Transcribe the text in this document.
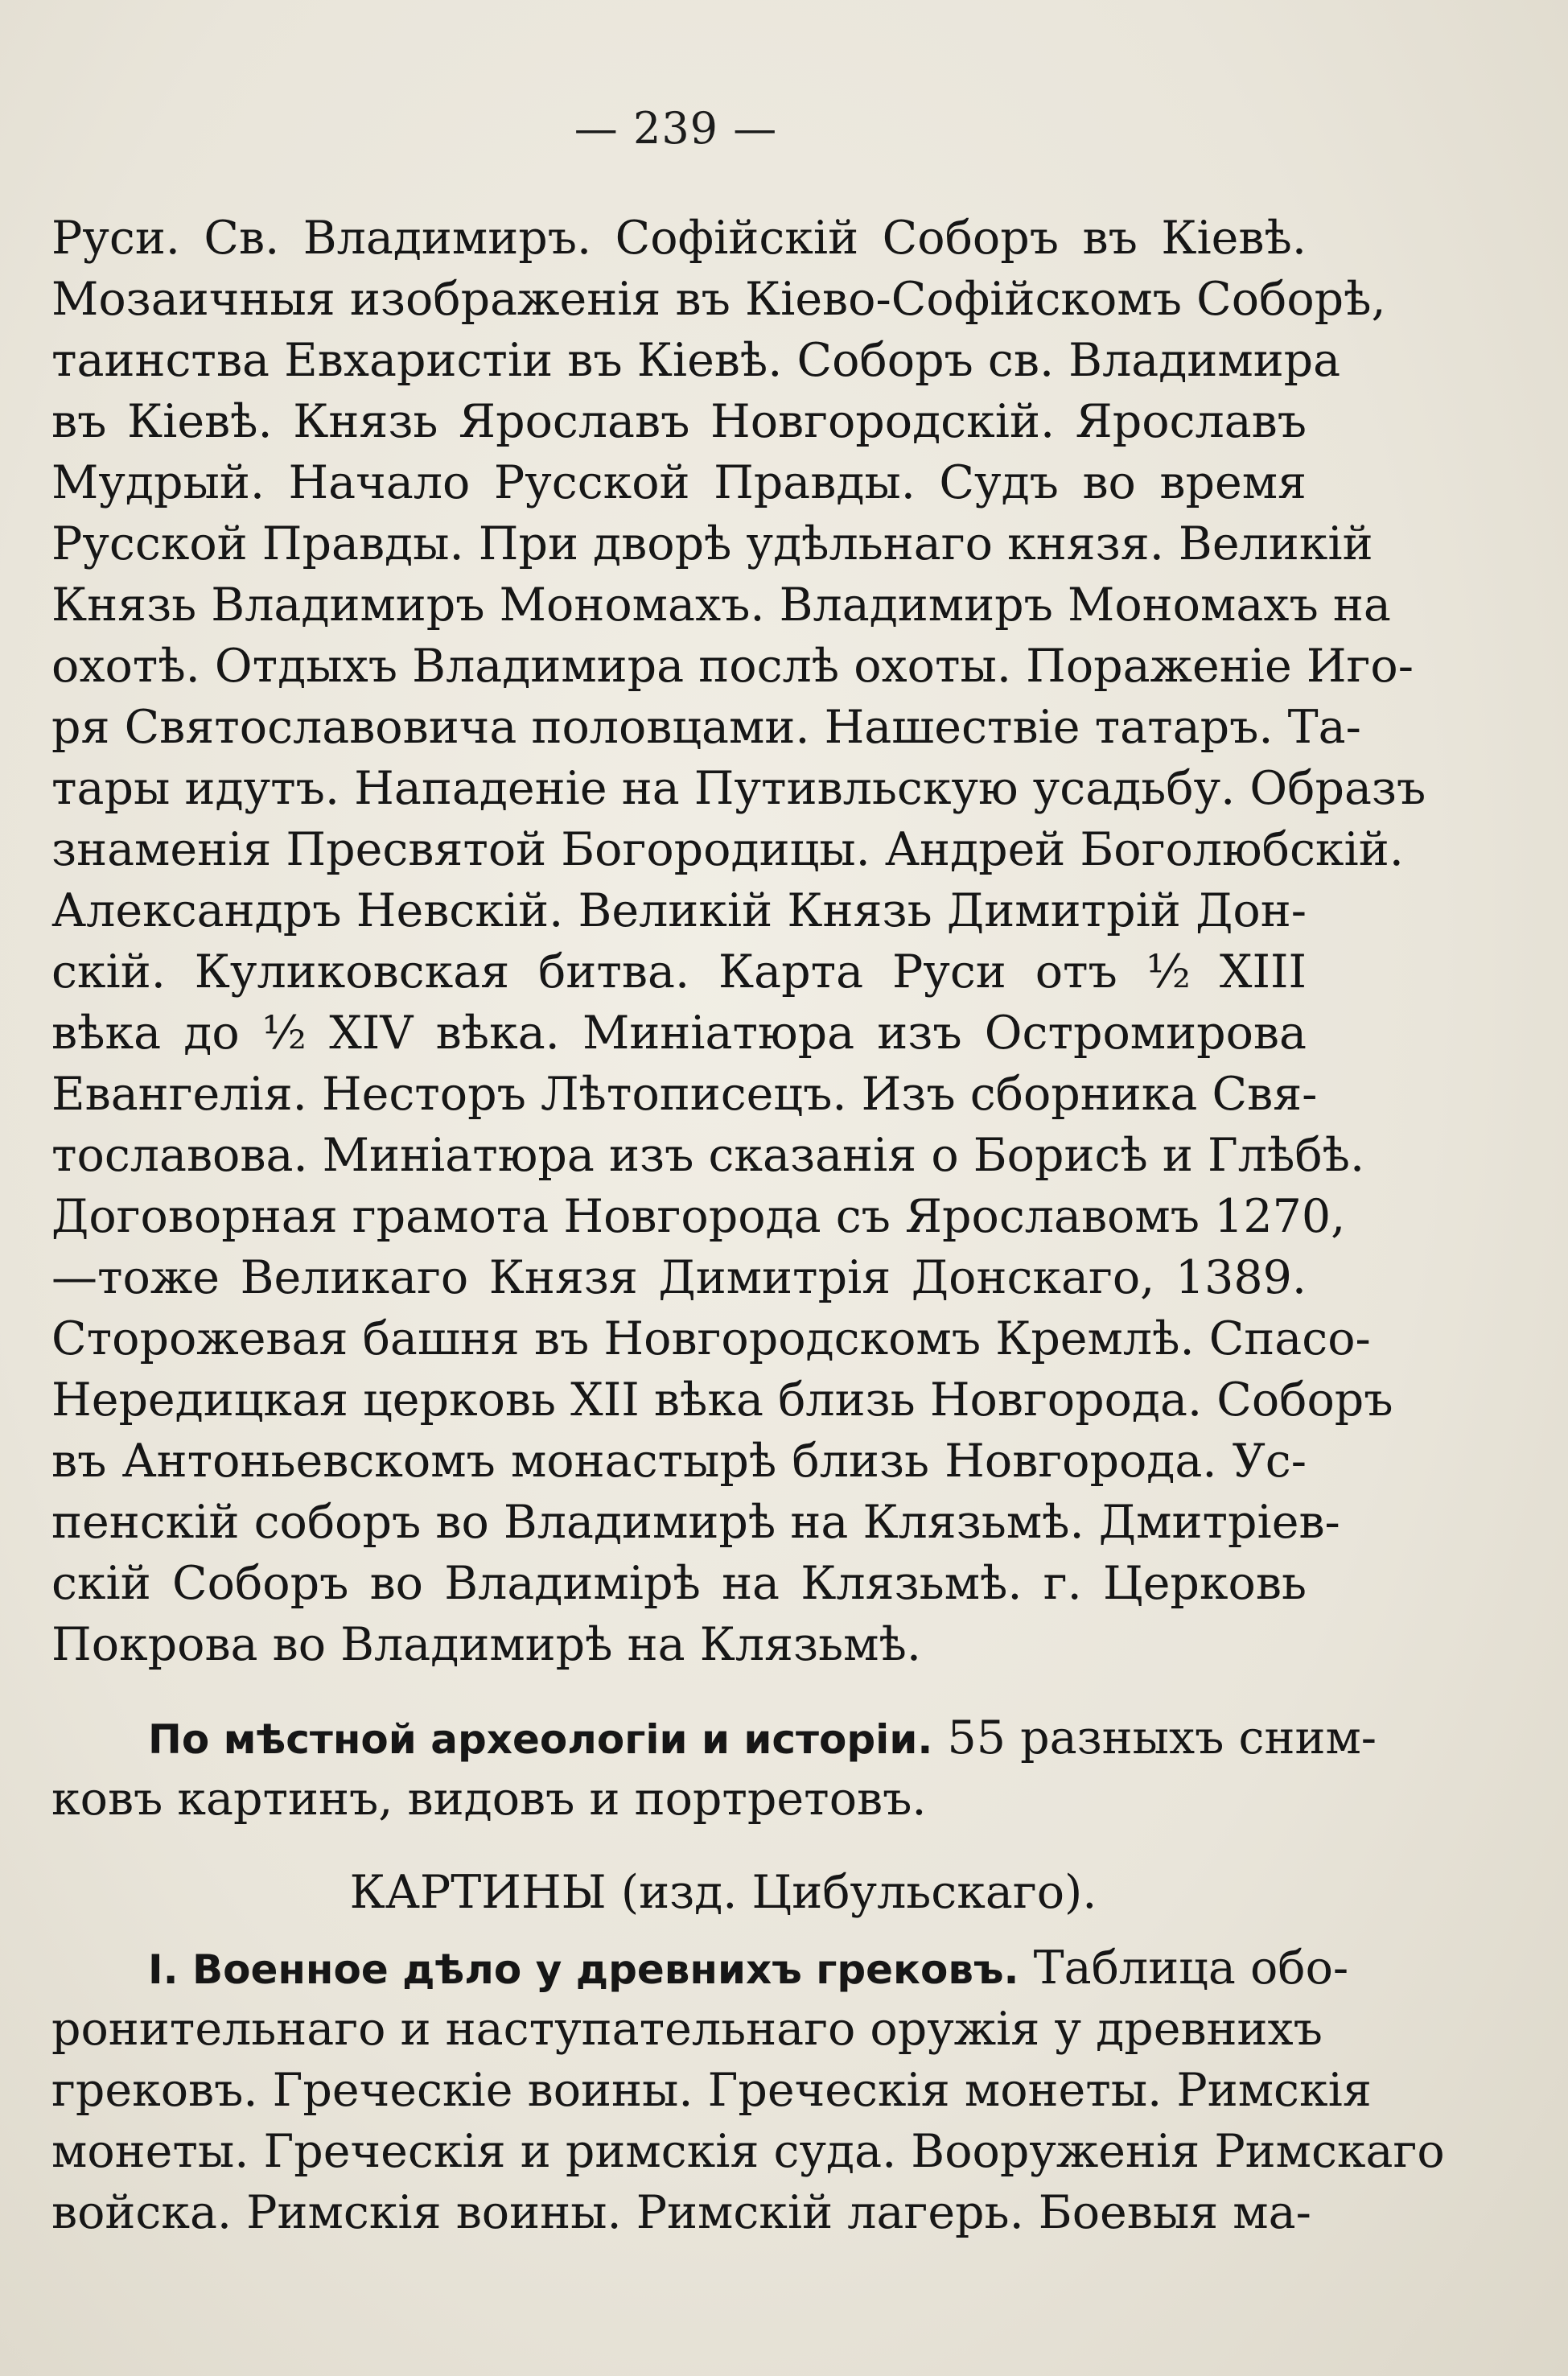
— 239 —
Руси. Св. Владимиръ. Софійскій Соборъ въ Кіевѣ.
Мозаичныя изображенія въ Кіево-Софійскомъ Соборѣ,
таинства Евхаристіи въ Кіевѣ. Соборъ св. Владимира
въ Кіевѣ. Князь Ярославъ Новгородскій. Ярославъ
Мудрый. Начало Русской Правды. Судъ во время
Русской Правды. При дворѣ удѣльнаго князя. Великій
Князь Владимиръ Мономахъ. Владимиръ Мономахъ на
охотѣ. Отдыхъ Владимира послѣ охоты. Пораженіе Иго-
ря Святославовича половцами. Нашествіе татаръ. Та-
тары идутъ. Нападеніе на Путивльскую усадьбу. Образъ
знаменія Пресвятой Богородицы. Андрей Боголюбскій.
Александръ Невскій. Великій Князь Димитрій Дон-
скій. Куликовская битва. Карта Руси отъ ½ XIII
вѣка до ½ XIV вѣка. Миніатюра изъ Остромирова
Евангелія. Несторъ Лѣтописецъ. Изъ сборника Свя-
тославова. Миніатюра изъ сказанія о Борисѣ и Глѣбѣ.
Договорная грамота Новгорода съ Ярославомъ 1270,
—тоже Великаго Князя Димитрія Донскаго, 1389.
Сторожевая башня въ Новгородскомъ Кремлѣ. Спасо-
Нередицкая церковь XII вѣка близь Новгорода. Соборъ
въ Антоньевскомъ монастырѣ близь Новгорода. Ус-
пенскій соборъ во Владимирѣ на Клязьмѣ. Дмитріев-
скій Соборъ во Владимірѣ на Клязьмѣ. г. Церковь
Покрова во Владимирѣ на Клязьмѣ.
По мѣстной археологіи и исторіи. 55 разныхъ сним-
ковъ картинъ, видовъ и портретовъ.
КАРТИНЫ (изд. Цибульскаго).
I. Военное дѣло у древнихъ грековъ. Таблица обо-
ронительнаго и наступательнаго оружія у древнихъ
грековъ. Греческіе воины. Греческія монеты. Римскія
монеты. Греческія и римскія суда. Вооруженія Римскаго
войска. Римскія воины. Римскій лагерь. Боевыя ма-
